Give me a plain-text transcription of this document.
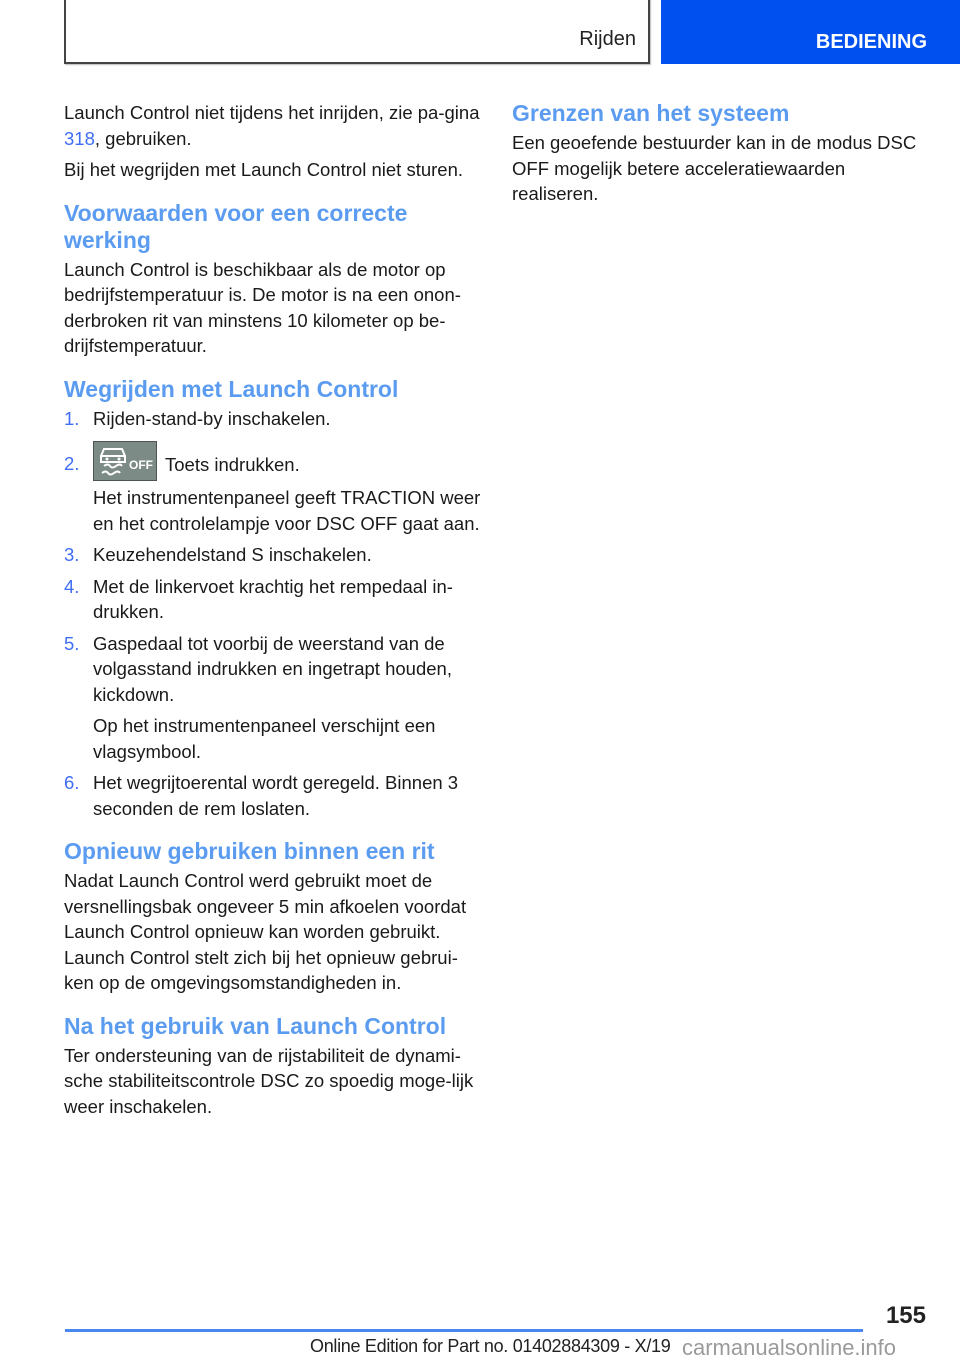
Rijden	BEDIENING

Launch Control niet tijdens het inrijden, zie pa-gina 318, gebruiken.

Bij het wegrijden met Launch Control niet sturen.

Voorwaarden voor een correcte werking

Launch Control is beschikbaar als de motor op bedrijfstemperatuur is. De motor is na een onon-derbroken rit van minstens 10 kilometer op be-drijfstemperatuur.

Wegrijden met Launch Control
1. Rijden-stand-by inschakelen.
2.	OFF Toets indrukken.

Het instrumentenpaneel geeft TRACTION weer en het controlelampje voor DSC OFF gaat aan.

3. Keuzehendelstand S inschakelen.
4. Met de linkervoet krachtig het rempedaal in-drukken.
5. Gaspedaal tot voorbij de weerstand van de volgasstand indrukken en ingetrapt houden, kickdown.

Op het instrumentenpaneel verschijnt een vlagsymbool.

6. Het wegrijtoerental wordt geregeld. Binnen 3 seconden de rem loslaten.
Opnieuw gebruiken binnen een rit

Nadat Launch Control werd gebruikt moet de versnellingsbak ongeveer 5 min afkoelen voordat Launch Control opnieuw kan worden gebruikt. Launch Control stelt zich bij het opnieuw gebrui-ken op de omgevingsomstandigheden in.

Na het gebruik van Launch Control

Ter ondersteuning van de rijstabiliteit de dynami-sche stabiliteitscontrole DSC zo spoedig moge-lijk weer inschakelen.

Grenzen van het systeem

Een geoefende bestuurder kan in de modus DSC OFF mogelijk betere acceleratiewaarden realiseren.

155
Online Edition for Part no. 01402884309 - X/19 carmanualsonline.info
